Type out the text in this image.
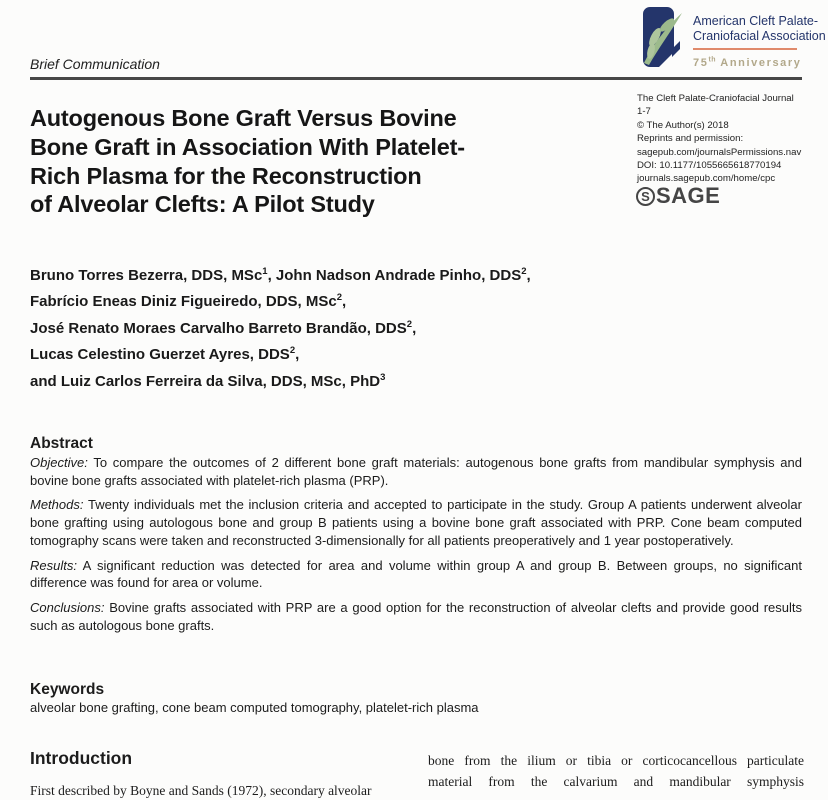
Brief Communication
American Cleft Palate-
Craniofacial Association
75th Anniversary
The Cleft Palate-Craniofacial Journal
1-7
© The Author(s) 2018
Reprints and permission:
sagepub.com/journalsPermissions.nav
DOI: 10.1177/1055665618770194
journals.sagepub.com/home/cpc
S SAGE
Autogenous Bone Graft Versus Bovine
Bone Graft in Association With Platelet-
Rich Plasma for the Reconstruction
of Alveolar Clefts: A Pilot Study
Bruno Torres Bezerra, DDS, MSc$^1$, John Nadson Andrade Pinho, DDS$^2$,
Fabrício Eneas Diniz Figueiredo, DDS, MSc$^2$,
José Renato Moraes Carvalho Barreto Brandão, DDS$^2$,
Lucas Celestino Guerzet Ayres, DDS$^2$,
and Luiz Carlos Ferreira da Silva, DDS, MSc, PhD$^3$
Abstract

Objective: To compare the outcomes of 2 different bone graft materials: autogenous bone grafts from mandibular symphysis and bovine bone grafts associated with platelet-rich plasma (PRP).

Methods: Twenty individuals met the inclusion criteria and accepted to participate in the study. Group A patients underwent alveolar bone grafting using autologous bone and group B patients using a bovine bone graft associated with PRP. Cone beam computed tomography scans were taken and reconstructed 3-dimensionally for all patients preoperatively and 1 year postoperatively.

Results: A significant reduction was detected for area and volume within group A and group B. Between groups, no significant difference was found for area or volume.

Conclusions: Bovine grafts associated with PRP are a good option for the reconstruction of alveolar clefts and provide good results such as autologous bone grafts.

Keywords
alveolar bone grafting, cone beam computed tomography, platelet-rich plasma
Introduction
First described by Boyne and Sands (1972), secondary alveolar
bone from the ilium or tibia or corticocancellous particulate
material from the calvarium and mandibular symphysis
